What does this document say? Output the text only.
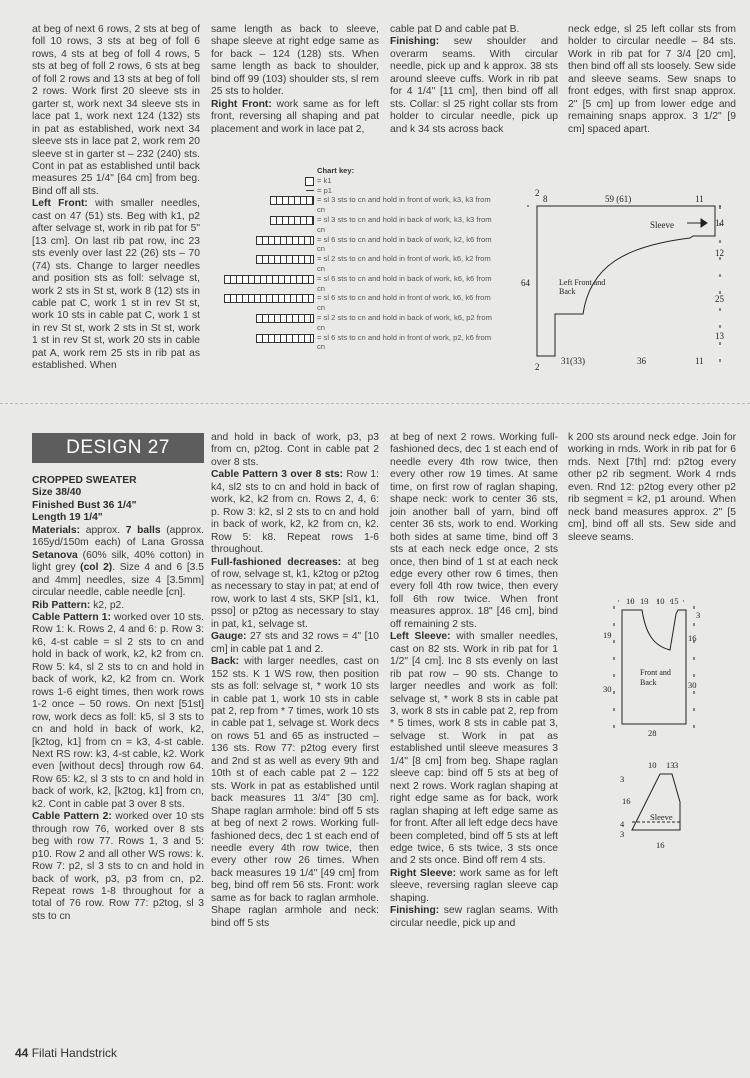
at beg of next 6 rows, 2 sts at beg of foll 10 rows, 3 sts at beg of foll 6 rows, 4 sts at beg of foll 4 rows, 5 sts at beg of foll 2 rows, 6 sts at beg of foll 2 rows and 13 sts at beg of foll 2 rows. Work first 20 sleeve sts in garter st, work next 34 sleeve sts in lace pat 1, work next 124 (132) sts in pat as established, work next 34 sleeve sts in lace pat 2, work rem 20 sleeve st in garter st – 232 (240) sts. Cont in pat as established until back measures 25 1/4" [64 cm] from beg. Bind off all sts.

Left Front: with smaller needles, cast on 47 (51) sts. Beg with k1, p2 after selvage st, work in rib pat for 5" [13 cm]. On last rib pat row, inc 23 sts evenly over last 22 (26) sts – 70 (74) sts. Change to larger needles and position sts as foll: selvage st, work 2 sts in St st, work 8 (12) sts in cable pat C, work 1 st in rev St st, work 10 sts in cable pat C, work 1 st in rev St st, work 2 sts in St st, work 1 st in rev St st, work 20 sts in cable pat A, work rem 25 sts in rib pat as established. When

same length as back to sleeve, shape sleeve at right edge same as for back – 124 (128) sts. When same length as back to shoulder, bind off 99 (103) shoulder sts, sl rem 25 sts to holder.

Right Front: work same as for left front, reversing all shaping and pat placement and work in lace pat 2,

cable pat D and cable pat B.

Finishing: sew shoulder and overarm seams. With circular needle, pick up and k approx. 38 sts around sleeve cuffs. Work in rib pat for 4 1/4" [11 cm], then bind off all sts. Collar: sl 25 right collar sts from holder to circular needle, pick up and k 34 sts across back

neck edge, sl 25 left collar sts from holder to circular needle – 84 sts. Work in rib pat for 7 3/4 [20 cm], then bind off all sts loosely. Sew side and sleeve seams. Sew snaps to front edges, with first snap approx. 2" [5 cm] up from lower edge and remaining snaps approx. 3 1/2" [9 cm] spaced apart.

Chart key:
= k1
= p1
= sl 3 sts to cn and hold in front of work, k3, k3 from cn
= sl 3 sts to cn and hold in back of work, k3, k3 from cn
= sl 6 sts to cn and hold in back of work, k2, k6 from cn
= sl 2 sts to cn and hold in front of work, k6, k2 from cn
= sl 6 sts to cn and hold in back of work, k6, k6 from cn
= sl 6 sts to cn and hold in front of work, k6, k6 from cn
= sl 2 sts to cn and hold in back of work, k6, p2 from cn
= sl 6 sts to cn and hold in front of work, p2, k6 from cn
2
8	59 (61)	11
Sleeve	14
12
25
13
64
2
31(33)	36	11
Left Front and Back
DESIGN 27

CROPPED SWEATER

Size 38/40

Finished Bust 36 1/4"

Length 19 1/4"

Materials: approx. 7 balls (approx. 165yd/150m each) of Lana Grossa Setanova (60% silk, 40% cotton) in light grey (col 2). Size 4 and 6 [3.5 and 4mm] needles, size 4 [3.5mm] circular needle, cable needle [cn].

Rib Pattern: k2, p2.

Cable Pattern 1: worked over 10 sts. Row 1: k. Rows 2, 4 and 6: p. Row 3: k6, 4-st cable = sl 2 sts to cn and hold in back of work, k2, k2 from cn. Row 5: k4, sl 2 sts to cn and hold in back of work, k2, k2 from cn. Work rows 1-6 eight times, then work rows 1-2 once – 50 rows. On next [51st] row, work decs as foll: k5, sl 3 sts to cn and hold in back of work, k2, [k2tog, k1] from cn = k3, 4-st cable. Next RS row: k3, 4-st cable, k2. Work even [without decs] through row 64. Row 65: k2, sl 3 sts to cn and hold in back of work, k2, [k2tog, k1] from cn, k2. Cont in cable pat 3 over 8 sts.

Cable Pattern 2: worked over 10 sts through row 76, worked over 8 sts beg with row 77. Rows 1, 3 and 5: p10. Row 2 and all other WS rows: k. Row 7: p2, sl 3 sts to cn and hold in back of work, p3, p3 from cn, p2. Repeat rows 1-8 throughout for a total of 76 row. Row 77: p2tog, sl 3 sts to cn

and hold in back of work, p3, p3 from cn, p2tog. Cont in cable pat 2 over 8 sts.

Cable Pattern 3 over 8 sts: Row 1: k4, sl2 sts to cn and hold in back of work, k2, k2 from cn. Rows 2, 4, 6: p. Row 3: k2, sl 2 sts to cn and hold in back of work, k2, k2 from cn, k2. Row 5: k8. Repeat rows 1-6 throughout.

Full-fashioned decreases: at beg of row, selvage st, k1, k2tog or p2tog as necessary to stay in pat; at end of row, work to last 4 sts, SKP [sl1, k1, psso] or p2tog as necessary to stay in pat, k1, selvage st.

Gauge: 27 sts and 32 rows = 4" [10 cm] in cable pat 1 and 2.

Back: with larger needles, cast on 152 sts. K 1 WS row, then position sts as foll: selvage st, * work 10 sts in cable pat 1, work 10 sts in cable pat 2, rep from * 7 times, work 10 sts in cable pat 1, selvage st. Work decs on rows 51 and 65 as instructed – 136 sts. Row 77: p2tog every first and 2nd st as well as every 9th and 10th st of each cable pat 2 – 122 sts. Work in pat as established until back measures 11 3/4" [30 cm]. Shape raglan armhole: bind off 5 sts at beg of next 2 rows. Working full-fashioned decs, dec 1 st each end of needle every 4th row twice, then every other row 26 times. When back measures 19 1/4" [49 cm] from beg, bind off rem 56 sts. Front: work same as for back to raglan armhole. Shape raglan armhole and neck: bind off 5 sts

at beg of next 2 rows. Working full-fashioned decs, dec 1 st each end of needle every 4th row twice, then every other row 19 times. At same time, on first row of raglan shaping, shape neck: work to center 36 sts, join another ball of yarn, bind off center 36 sts, work to end. Working both sides at same time, bind off 3 sts at each neck edge once, 2 sts once, then bind of 1 st at each neck edge every other row 6 times, then every foll 4th row twice, then every foll 6th row twice. When front measures approx. 18" [46 cm], bind off remaining 2 sts.

Left Sleeve: with smaller needles, cast on 82 sts. Work in rib pat for 1 1/2" [4 cm]. Inc 8 sts evenly on last rib pat row – 90 sts. Change to larger needles and work as foll: selvage st, * work 8 sts in cable pat 3, work 8 sts in cable pat 2, rep from * 5 times, work 8 sts in cable pat 3, selvage st. Work in pat as established until sleeve measures 3 1/4" [8 cm] from beg. Shape raglan sleeve cap: bind off 5 sts at beg of next 2 rows. Work raglan shaping at right edge same as for back, work raglan shaping at left edge same as for front. After all left edge decs have been completed, bind off 5 sts at left edge twice, 6 sts twice, 3 sts once and 2 sts once. Bind off rem 4 sts.

Right Sleeve: work same as for left sleeve, reversing raglan sleeve cap shaping.

Finishing: sew raglan seams. With circular needle, pick up and

k 200 sts around neck edge. Join for working in rnds. Work in rib pat for 6 rnds. Next [7th] rnd: p2tog every other p2 rib segment. Work 4 rnds even. Rnd 12: p2tog every other p2 rib segment = k2, p1 around. When neck band measures approx. 2" [5 cm], bind off all sts. Sew side and sleeve seams.

10 13 10 15
3
19	16
30	30
28
Front and Back
10 13 3
3
16
Sleeve
4
3
16
44 Filati Handstrick
